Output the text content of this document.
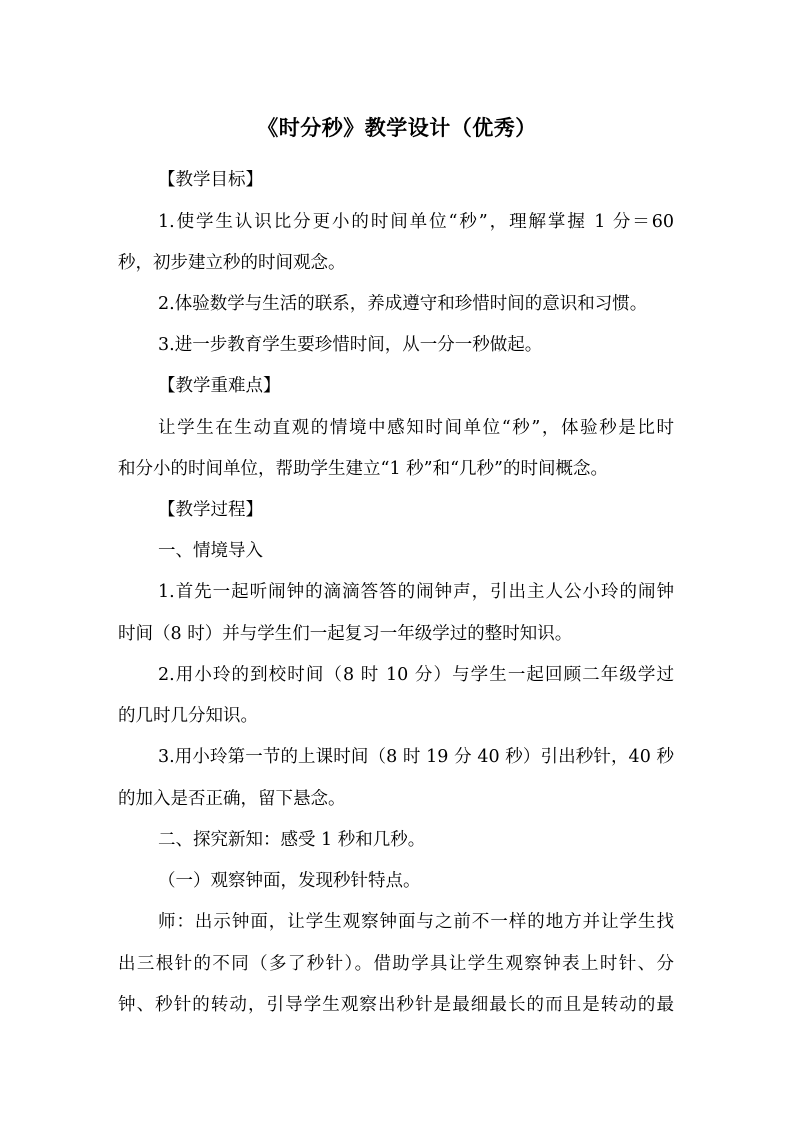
《时分秒》教学设计（优秀）
【教学目标】
1.使学生认识比分更小的时间单位“秒”，理解掌握 1 分＝60
秒，初步建立秒的时间观念。
2.体验数学与生活的联系，养成遵守和珍惜时间的意识和习惯。
3.进一步教育学生要珍惜时间，从一分一秒做起。
【教学重难点】
让学生在生动直观的情境中感知时间单位“秒”，体验秒是比时
和分小的时间单位，帮助学生建立“1 秒”和“几秒”的时间概念。
【教学过程】
一、情境导入
1.首先一起听闹钟的滴滴答答的闹钟声，引出主人公小玲的闹钟
时间（8 时）并与学生们一起复习一年级学过的整时知识。
2.用小玲的到校时间（8 时 10 分）与学生一起回顾二年级学过
的几时几分知识。
3.用小玲第一节的上课时间（8 时 19 分 40 秒）引出秒针，40 秒
的加入是否正确，留下悬念。
二、探究新知：感受 1 秒和几秒。
（一）观察钟面，发现秒针特点。
师：出示钟面，让学生观察钟面与之前不一样的地方并让学生找
出三根针的不同（多了秒针）。借助学具让学生观察钟表上时针、分
钟、秒针的转动，引导学生观察出秒针是最细最长的而且是转动的最
